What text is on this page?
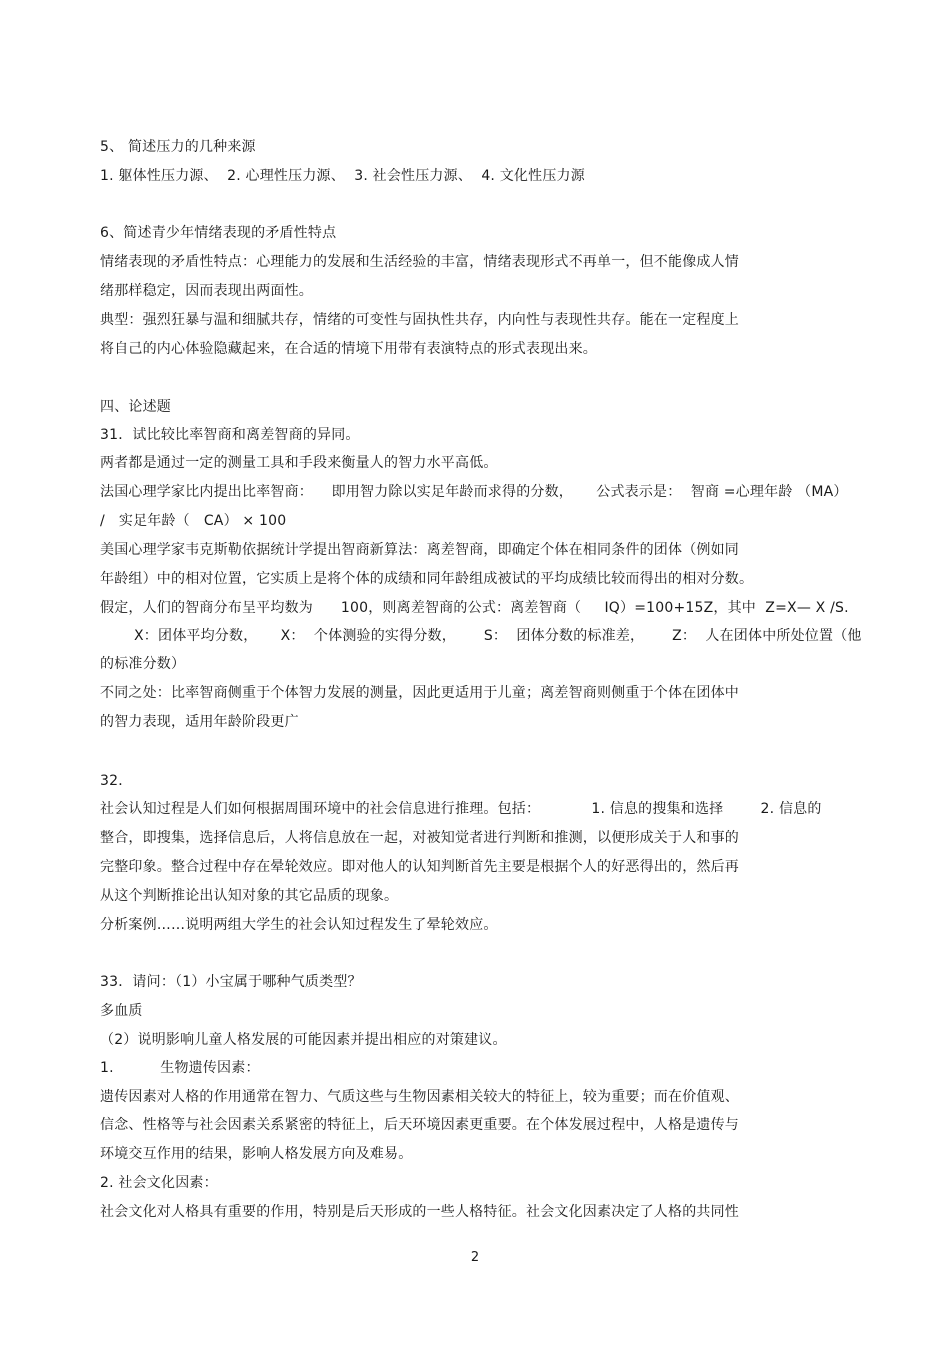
5、 简述压力的几种来源
1. 躯体性压力源、  2. 心理性压力源、  3. 社会性压力源、  4. 文化性压力源
6、简述青少年情绪表现的矛盾性特点
情绪表现的矛盾性特点：心理能力的发展和生活经验的丰富，情绪表现形式不再单一，但不能像成人情
绪那样稳定，因而表现出两面性。
典型：强烈狂暴与温和细腻共存，情绪的可变性与固执性共存，内向性与表现性共存。能在一定程度上
将自己的内心体验隐藏起来，在合适的情境下用带有表演特点的形式表现出来。
四、论述题
31．试比较比率智商和离差智商的异同。
两者都是通过一定的测量工具和手段来衡量人的智力水平高低。
法国心理学家比内提出比率智商：    即用智力除以实足年龄而求得的分数，     公式表示是：  智商 =心理年龄 （MA）
/   实足年龄（   CA） × 100
美国心理学家韦克斯勒依据统计学提出智商新算法：离差智商，即确定个体在相同条件的团体（例如同
年龄组）中的相对位置，它实质上是将个体的成绩和同年龄组成被试的平均成绩比较而得出的相对分数。
假定，人们的智商分布呈平均数为      100，则离差智商的公式：离差智商（     IQ）=100+15Z，其中  Z=X— X /S.
X：团体平均分数，     X：  个体测验的实得分数，      S：  团体分数的标准差，      Z：  人在团体中所处位置（他
的标准分数）
不同之处：比率智商侧重于个体智力发展的测量，因此更适用于儿童；离差智商则侧重于个体在团体中
的智力表现，适用年龄阶段更广
32．
社会认知过程是人们如何根据周围环境中的社会信息进行推理。包括：           1. 信息的搜集和选择        2. 信息的
整合，即搜集，选择信息后，人将信息放在一起，对被知觉者进行判断和推测，以便形成关于人和事的
完整印象。整合过程中存在晕轮效应。即对他人的认知判断首先主要是根据个人的好恶得出的，然后再
从这个判断推论出认知对象的其它品质的现象。
分析案例……说明两组大学生的社会认知过程发生了晕轮效应。
33．请问：（1）小宝属于哪种气质类型？
多血质
（2）说明影响儿童人格发展的可能因素并提出相应的对策建议。
1.          生物遗传因素：
遗传因素对人格的作用通常在智力、气质这些与生物因素相关较大的特征上，较为重要；而在价值观、
信念、性格等与社会因素关系紧密的特征上，后天环境因素更重要。在个体发展过程中，人格是遗传与
环境交互作用的结果，影响人格发展方向及难易。
2. 社会文化因素：
社会文化对人格具有重要的作用，特别是后天形成的一些人格特征。社会文化因素决定了人格的共同性
2
